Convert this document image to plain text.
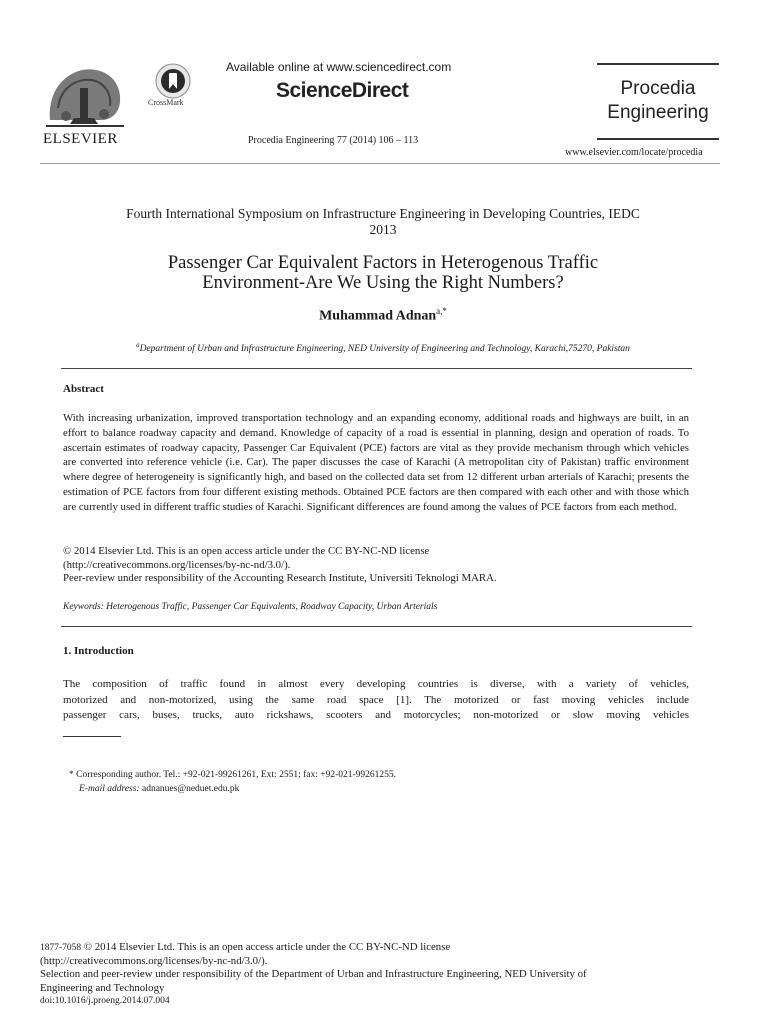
ELSEVIER
CrossMark
Available online at www.sciencedirect.com
ScienceDirect
Procedia Engineering 77 (2014) 106 – 113
Procedia
Engineering
www.elsevier.com/locate/procedia
Fourth International Symposium on Infrastructure Engineering in Developing Countries, IEDC
2013
Passenger Car Equivalent Factors in Heterogenous Traffic
Environment-Are We Using the Right Numbers?
Muhammad Adnan$^{a,*}$
$^a$Department of Urban and Infrastructure Engineering, NED University of Engineering and Technology, Karachi,75270, Pakistan
Abstract
With increasing urbanization, improved transportation technology and an expanding economy, additional roads and highways are built, in an effort to balance roadway capacity and demand. Knowledge of capacity of a road is essential in planning, design and operation of roads. To ascertain estimates of roadway capacity, Passenger Car Equivalent (PCE) factors are vital as they provide mechanism through which vehicles are converted into reference vehicle (i.e. Car). The paper discusses the case of Karachi (A metropolitan city of Pakistan) traffic environment where degree of heterogeneity is significantly high, and based on the collected data set from 12 different urban arterials of Karachi; presents the estimation of PCE factors from four different existing methods. Obtained PCE factors are then compared with each other and with those which are currently used in different traffic studies of Karachi. Significant differences are found among the values of PCE factors from each method.
© 2014 Elsevier Ltd. This is an open access article under the CC BY-NC-ND license
(http://creativecommons.org/licenses/by-nc-nd/3.0/).
Peer-review under responsibility of the Accounting Research Institute, Universiti Teknologi MARA.
Keywords: Heterogenous Traffic, Passenger Car Equivalents, Roadway Capacity, Urban Arterials
1. Introduction
The composition of traffic found in almost every developing countries is diverse, with a variety of vehicles,
motorized and non-motorized, using the same road space [1]. The motorized or fast moving vehicles include
passenger cars, buses, trucks, auto rickshaws, scooters and motorcycles; non-motorized or slow moving vehicles
* Corresponding author. Tel.: +92-021-99261261, Ext: 2551; fax: +92-021-99261255.
E-mail address: adnanues@neduet.edu.pk
1877-7058 © 2014 Elsevier Ltd. This is an open access article under the CC BY-NC-ND license
(http://creativecommons.org/licenses/by-nc-nd/3.0/).
Selection and peer-review under responsibility of the Department of Urban and Infrastructure Engineering, NED University of
Engineering and Technology
doi:10.1016/j.proeng.2014.07.004
